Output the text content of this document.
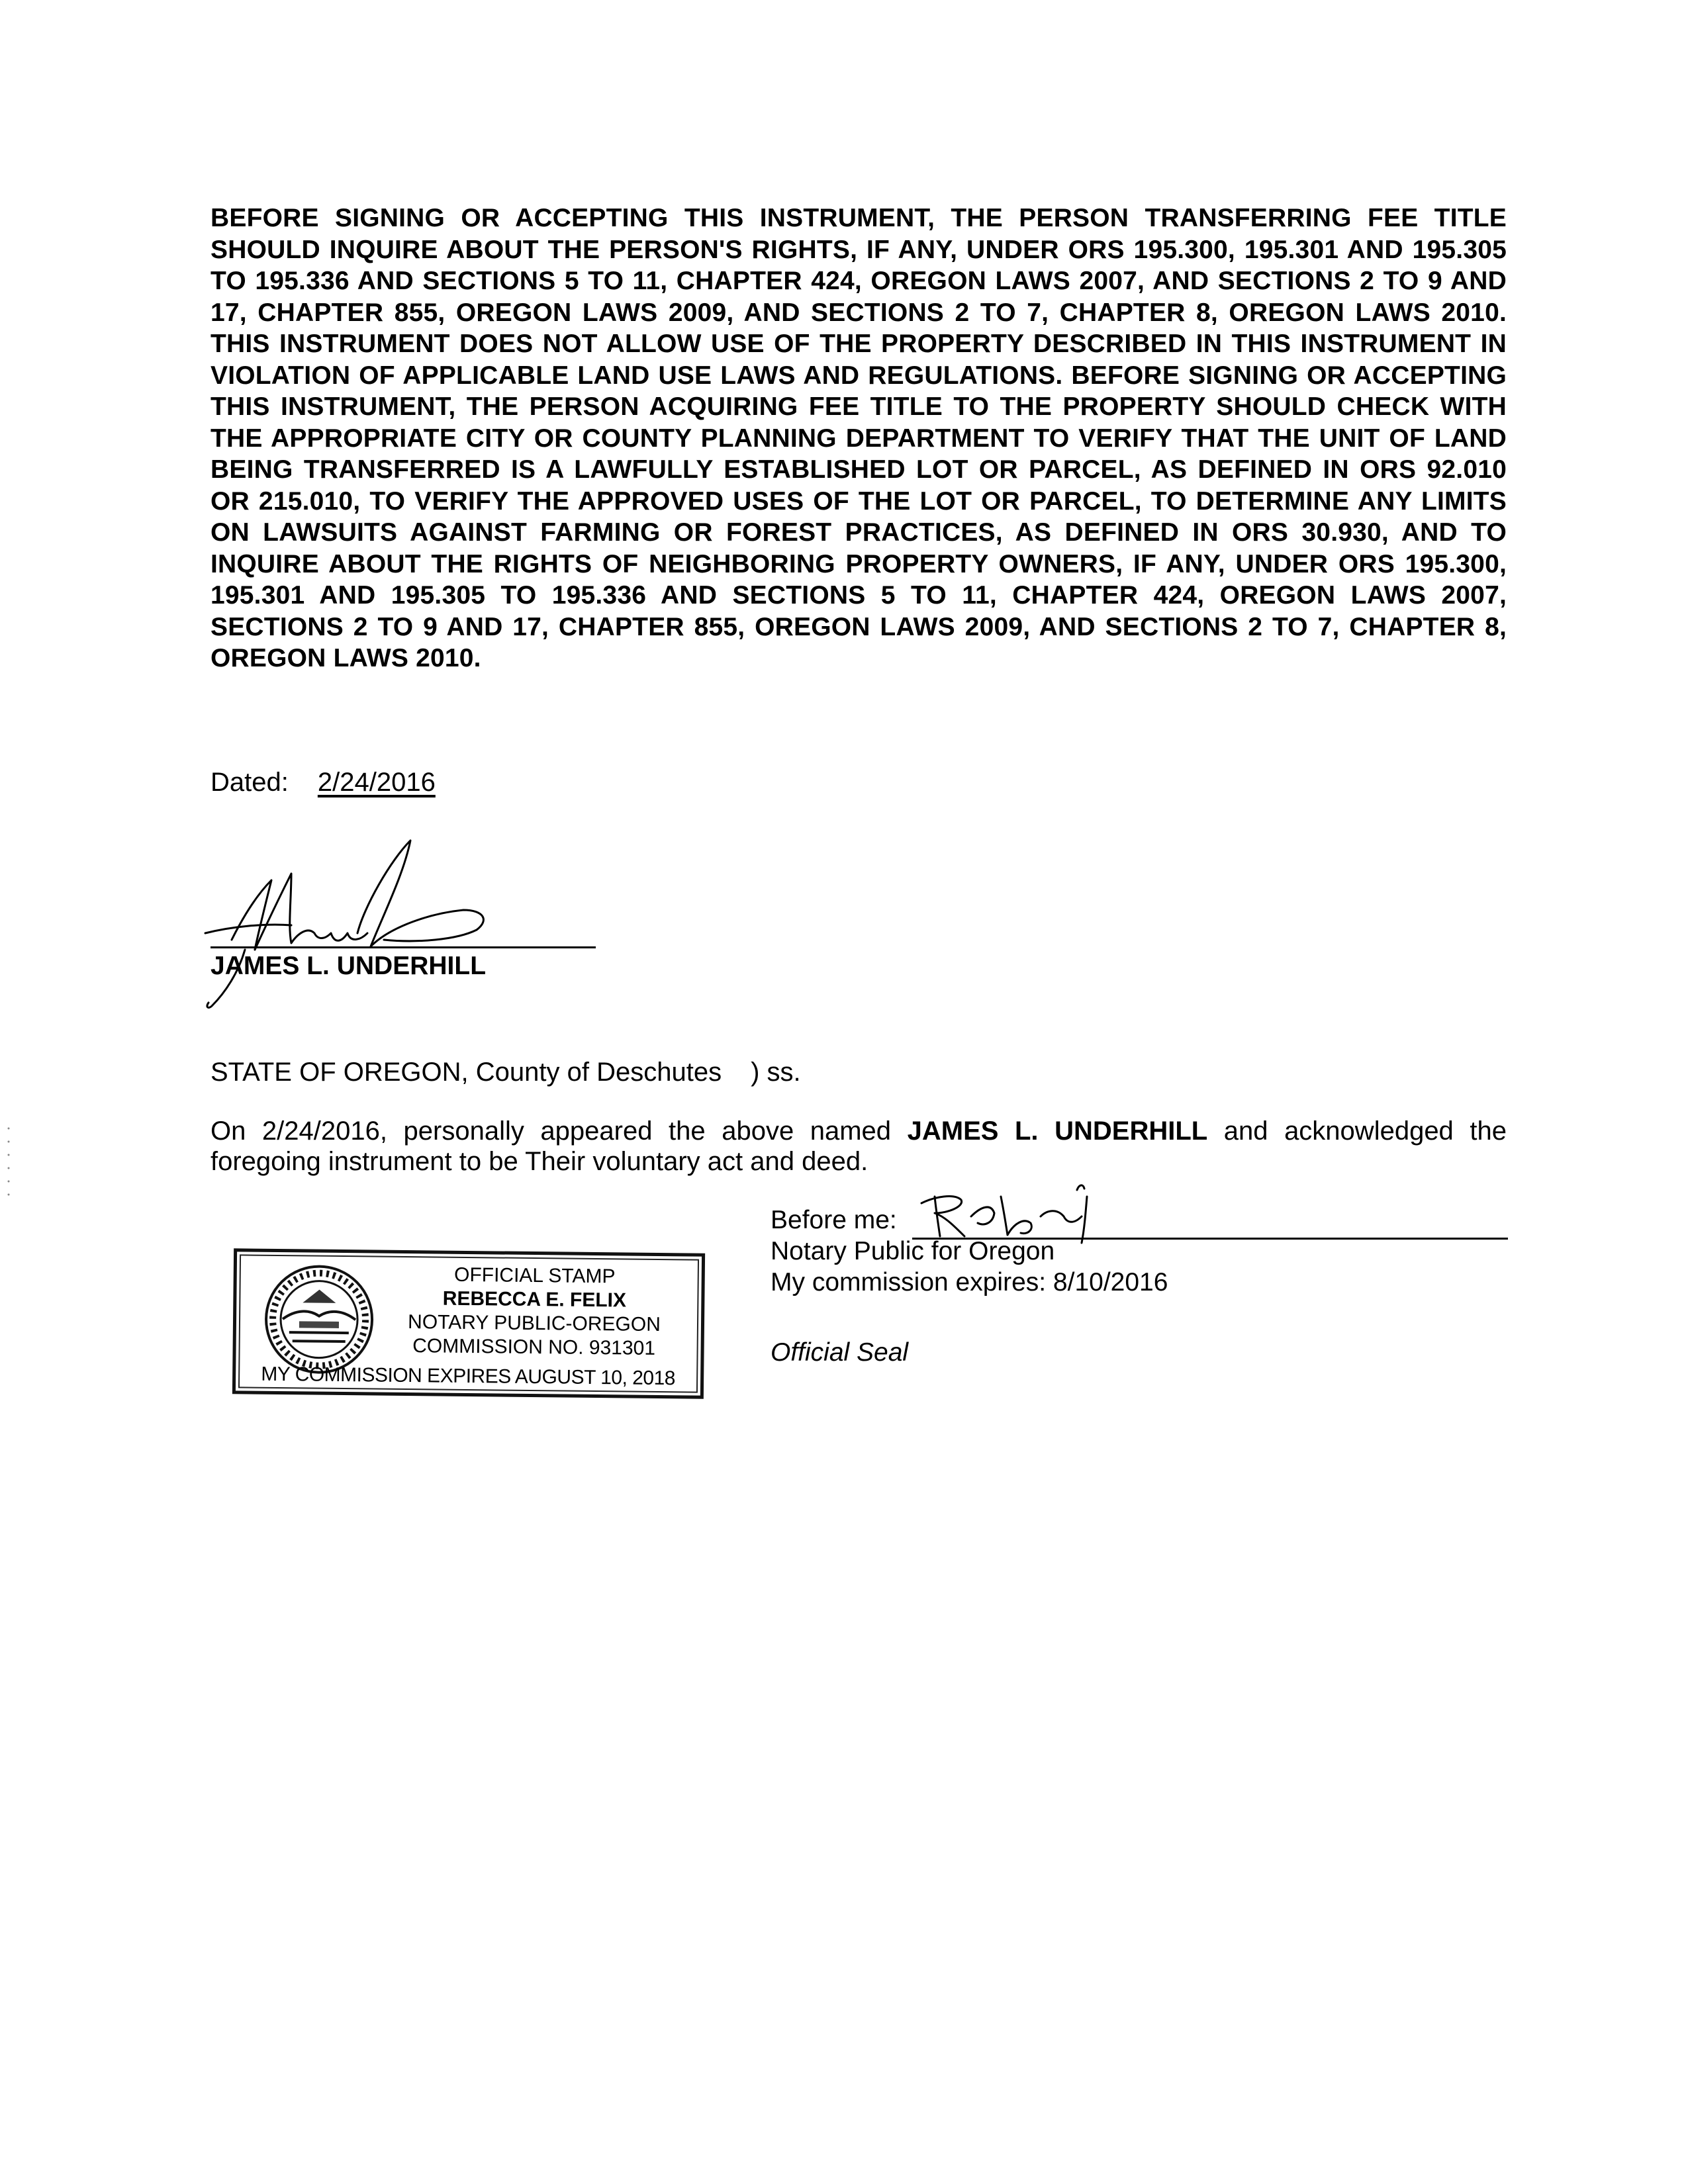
BEFORE SIGNING OR ACCEPTING THIS INSTRUMENT, THE PERSON TRANSFERRING FEE TITLE SHOULD INQUIRE ABOUT THE PERSON'S RIGHTS, IF ANY, UNDER ORS 195.300, 195.301 AND 195.305 TO 195.336 AND SECTIONS 5 TO 11, CHAPTER 424, OREGON LAWS 2007, AND SECTIONS 2 TO 9 AND 17, CHAPTER 855, OREGON LAWS 2009, AND SECTIONS 2 TO 7, CHAPTER 8, OREGON LAWS 2010. THIS INSTRUMENT DOES NOT ALLOW USE OF THE PROPERTY DESCRIBED IN THIS INSTRUMENT IN VIOLATION OF APPLICABLE LAND USE LAWS AND REGULATIONS. BEFORE SIGNING OR ACCEPTING THIS INSTRUMENT, THE PERSON ACQUIRING FEE TITLE TO THE PROPERTY SHOULD CHECK WITH THE APPROPRIATE CITY OR COUNTY PLANNING DEPARTMENT TO VERIFY THAT THE UNIT OF LAND BEING TRANSFERRED IS A LAWFULLY ESTABLISHED LOT OR PARCEL, AS DEFINED IN ORS 92.010 OR 215.010, TO VERIFY THE APPROVED USES OF THE LOT OR PARCEL, TO DETERMINE ANY LIMITS ON LAWSUITS AGAINST FARMING OR FOREST PRACTICES, AS DEFINED IN ORS 30.930, AND TO INQUIRE ABOUT THE RIGHTS OF NEIGHBORING PROPERTY OWNERS, IF ANY, UNDER ORS 195.300, 195.301 AND 195.305 TO 195.336 AND SECTIONS 5 TO 11, CHAPTER 424, OREGON LAWS 2007, SECTIONS 2 TO 9 AND 17, CHAPTER 855, OREGON LAWS 2009, AND SECTIONS 2 TO 7, CHAPTER 8, OREGON LAWS 2010.
Dated: 2/24/2016
JAMES L. UNDERHILL
STATE OF OREGON, County of Deschutes ) ss.
On 2/24/2016, personally appeared the above named JAMES L. UNDERHILL and acknowledged the foregoing instrument to be Their voluntary act and deed.
Before me:
Notary Public for Oregon
My commission expires: 8/10/2016
Official Seal
OFFICIAL STAMP
REBECCA E. FELIX
NOTARY PUBLIC-OREGON
COMMISSION NO. 931301
MY COMMISSION EXPIRES AUGUST 10, 2018
